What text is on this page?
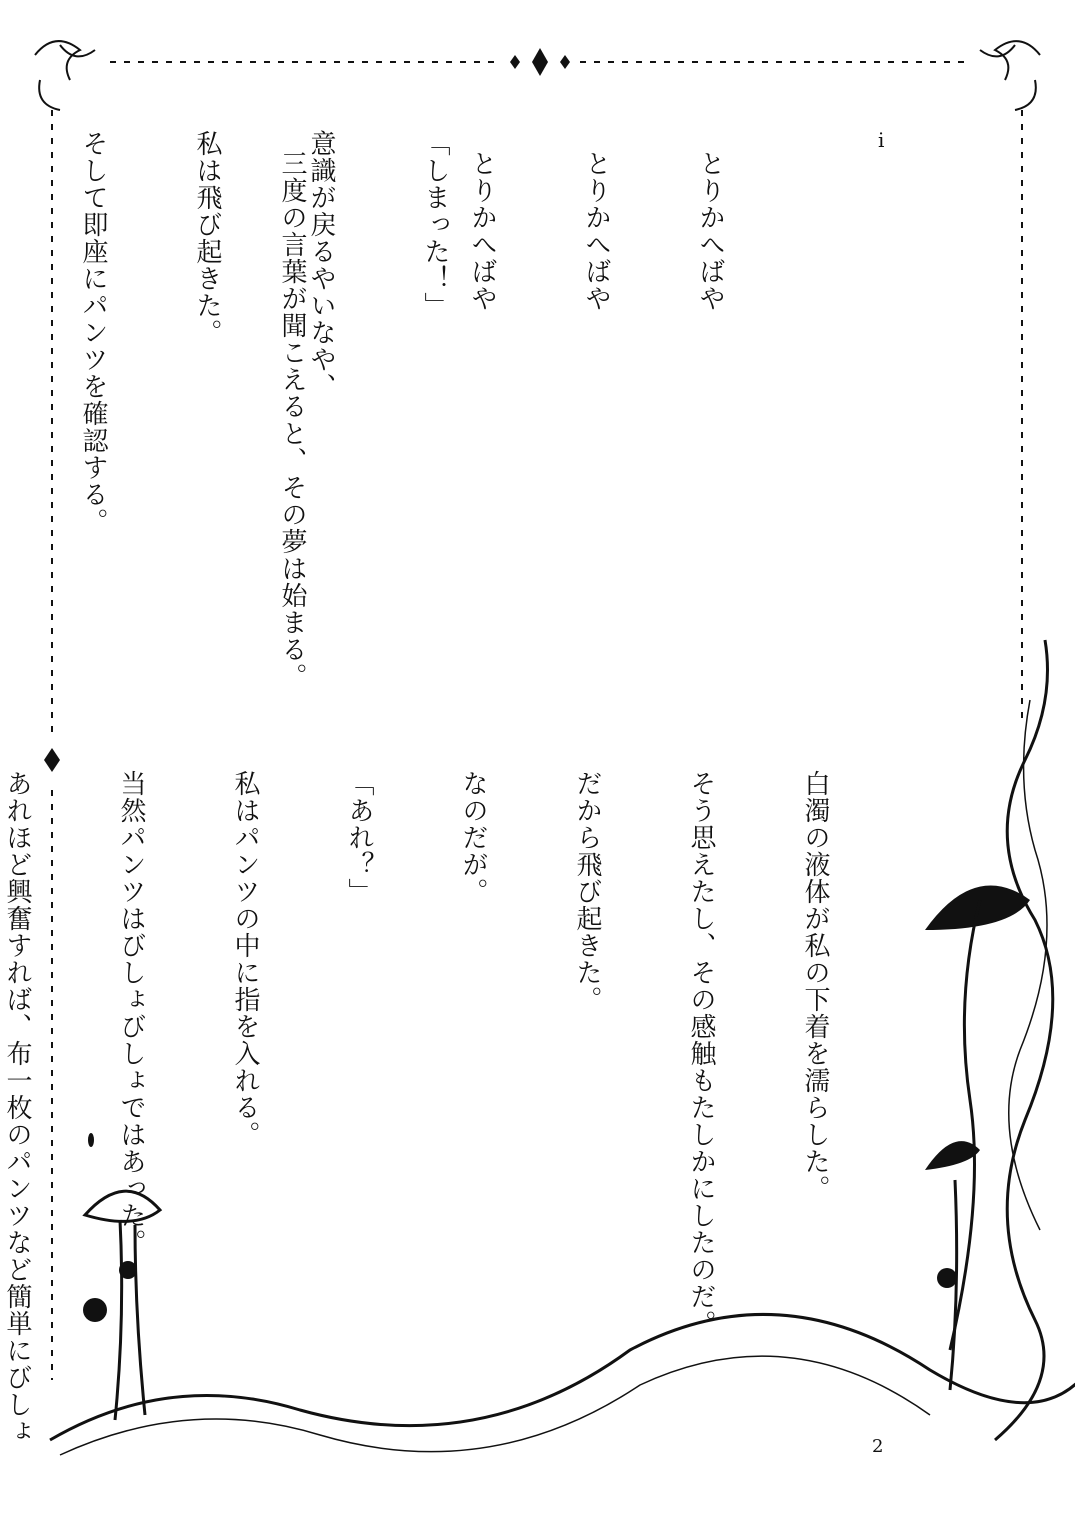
i

とりかへばや

とりかへばや

とりかへばや

三度の言葉が聞こえると、その夢は始まる。

	「しまった！」

意識が戻るやいなや、

私は飛び起きた。

そして即座にパンツを確認する。

白濁の液体が私の下着を濡らした。

そう思えたし、その感触もたしかにしたのだ。

だから飛び起きた。

なのだが。

「あれ？」

私はパンツの中に指を入れる。

当然パンツはびしょびしょではあった。

あれほど興奮すれば、布一枚のパンツなど簡単にびしょ

2
